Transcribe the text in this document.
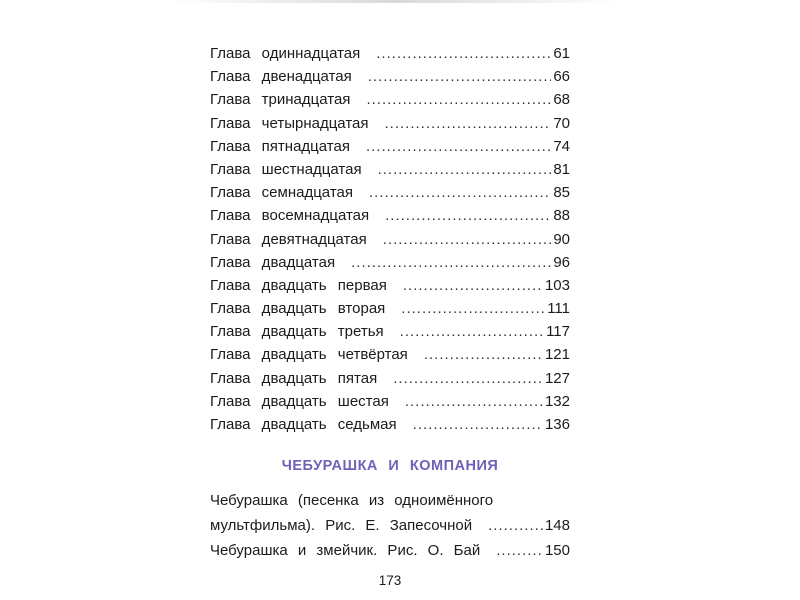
Глава одиннадцатая .....	61
Глава двенадцатая .....	66
Глава тринадцатая .....	68
Глава четырнадцатая .....	70
Глава пятнадцатая .....	74
Глава шестнадцатая .....	81
Глава семнадцатая .....	85
Глава восемнадцатая .....	88
Глава девятнадцатая .....	90
Глава двадцатая .....	96
Глава двадцать первая .....	103
Глава двадцать вторая .....	111
Глава двадцать третья .....	117
Глава двадцать четвёртая .....	121
Глава двадцать пятая .....	127
Глава двадцать шестая .....	132
Глава двадцать седьмая .....	136
ЧЕБУРАШКА И КОМПАНИЯ
Чебурашка (песенка из одноимённого
мультфильма). Рис. Е. Запесочной .....	148
Чебурашка и змейчик. Рис. О. Бай .....	150
173
